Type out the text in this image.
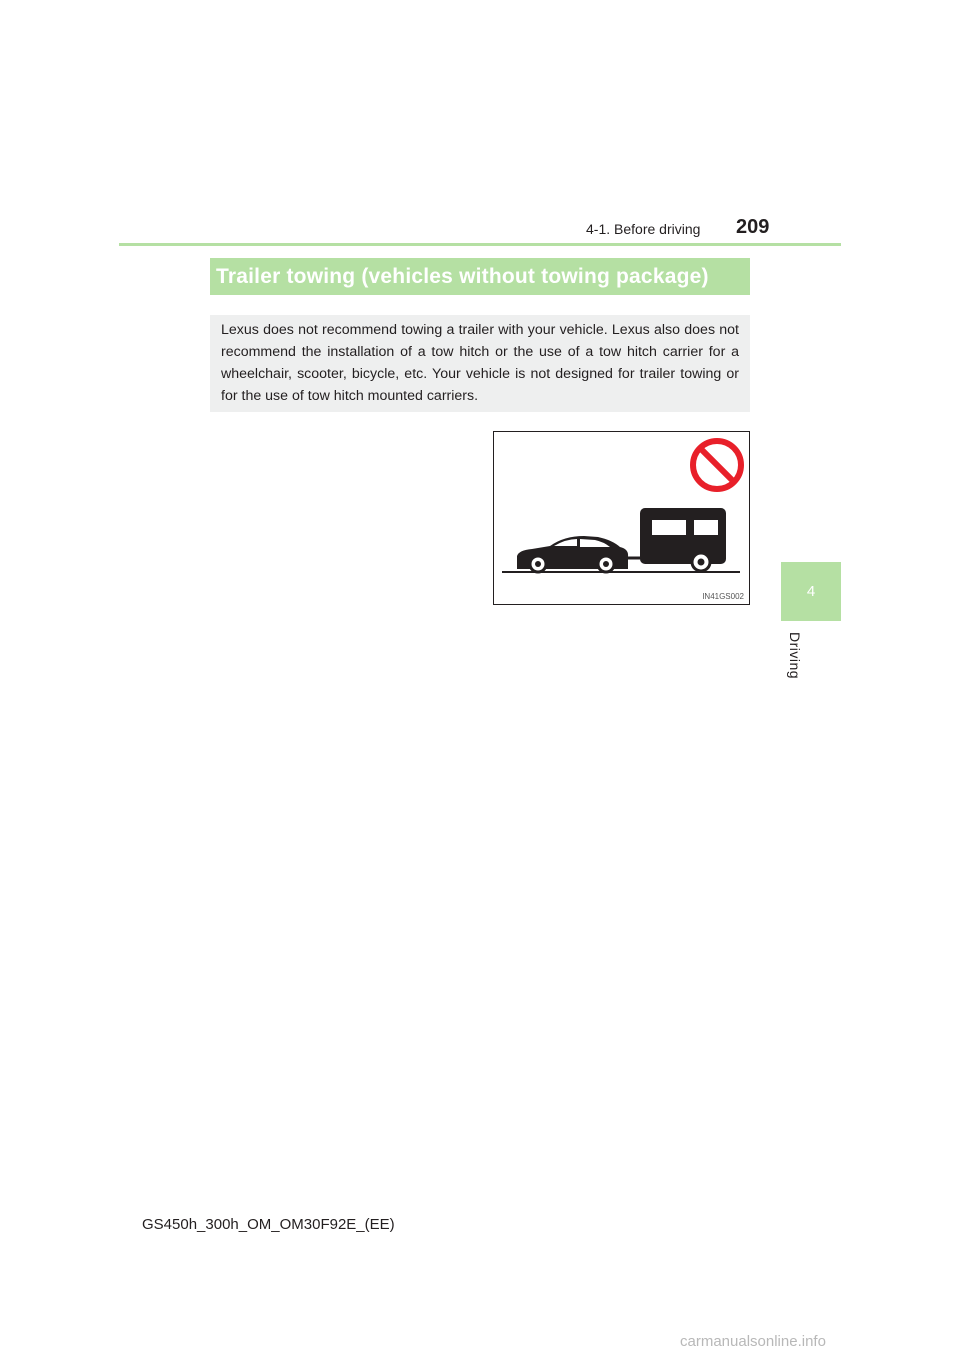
4-1. Before driving 209
4
Driving
Trailer towing (vehicles without towing package)
Lexus does not recommend towing a trailer with your vehicle. Lexus also does not recommend the installation of a tow hitch or the use of a tow hitch carrier for a wheelchair, scooter, bicycle, etc. Your vehicle is not designed for trailer towing or for the use of tow hitch mounted carriers.
IN41GS002
GS450h_300h_OM_OM30F92E_(EE)
carmanualsonline.info
